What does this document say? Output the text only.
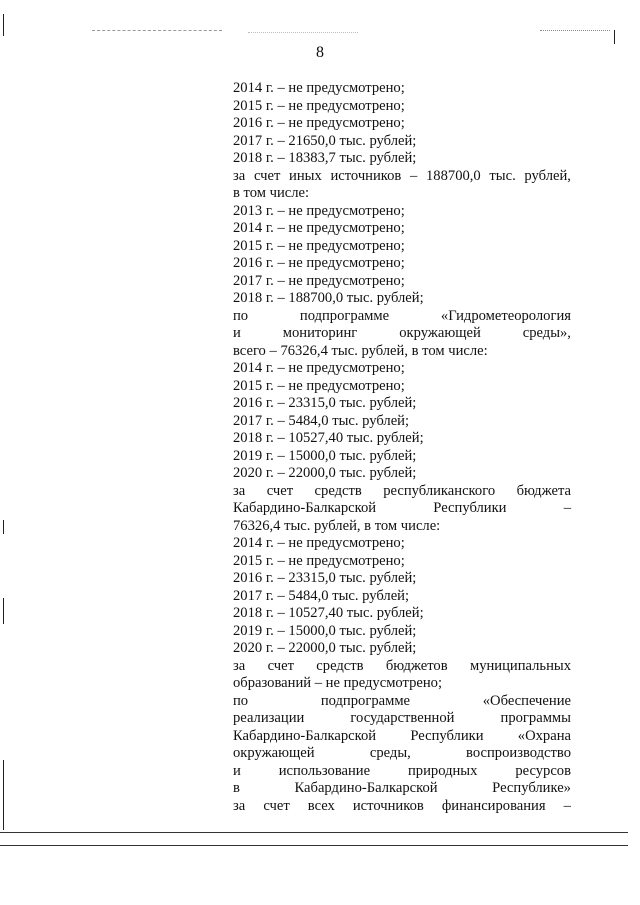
8
2014 г. – не предусмотрено;
2015 г. – не предусмотрено;
2016 г. – не предусмотрено;
2017 г. – 21650,0 тыс. рублей;
2018 г. – 18383,7 тыс. рублей;
за счет иных источников – 188700,0 тыс. рублей,
в том числе:
2013 г. – не предусмотрено;
2014 г. – не предусмотрено;
2015 г. – не предусмотрено;
2016 г. – не предусмотрено;
2017 г. – не предусмотрено;
2018 г. – 188700,0 тыс. рублей;
по	подпрограмме	«Гидрометеорология
и	мониторинг	окружающей	среды»,
всего – 76326,4 тыс. рублей, в том числе:
2014 г. – не предусмотрено;
2015 г. – не предусмотрено;
2016 г. – 23315,0 тыс. рублей;
2017 г. – 5484,0 тыс. рублей;
2018 г. – 10527,40 тыс. рублей;
2019 г. – 15000,0 тыс. рублей;
2020 г. – 22000,0 тыс. рублей;
за счет средств республиканского бюджета
Кабардино-Балкарской	Республики	–
76326,4 тыс. рублей, в том числе:
2014 г. – не предусмотрено;
2015 г. – не предусмотрено;
2016 г. – 23315,0 тыс. рублей;
2017 г. – 5484,0 тыс. рублей;
2018 г. – 10527,40 тыс. рублей;
2019 г. – 15000,0 тыс. рублей;
2020 г. – 22000,0 тыс. рублей;
за счет средств бюджетов муниципальных
образований – не предусмотрено;
по	подпрограмме	«Обеспечение
реализации	государственной	программы
Кабардино-Балкарской Республики «Охрана
окружающей	среды,	воспроизводство
и	использование	природных	ресурсов
в	Кабардино-Балкарской	Республике»
за счет всех источников финансирования –
